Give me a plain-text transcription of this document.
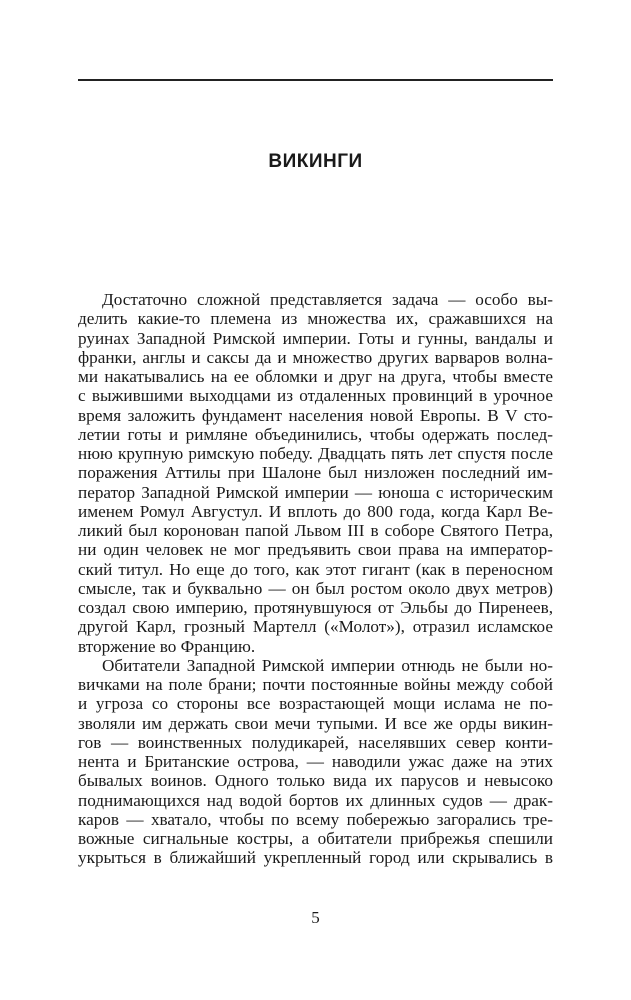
ВИКИНГИ
Достаточно сложной представляется задача — особо вы-
делить какие-то племена из множества их, сражавшихся на
руинах Западной Римской империи. Готы и гунны, вандалы и
франки, англы и саксы да и множество других варваров волна-
ми накатывались на ее обломки и друг на друга, чтобы вместе
с выжившими выходцами из отдаленных провинций в урочное
время заложить фундамент населения новой Европы. В V сто-
летии готы и римляне объединились, чтобы одержать послед-
нюю крупную римскую победу. Двадцать пять лет спустя после
поражения Аттилы при Шалоне был низложен последний им-
ператор Западной Римской империи — юноша с историческим
именем Ромул Августул. И вплоть до 800 года, когда Карл Ве-
ликий был коронован папой Львом III в соборе Святого Петра,
ни один человек не мог предъявить свои права на император-
ский титул. Но еще до того, как этот гигант (как в переносном
смысле, так и буквально — он был ростом около двух метров)
создал свою империю, протянувшуюся от Эльбы до Пиренеев,
другой Карл, грозный Мартелл («Молот»), отразил исламское
вторжение во Францию.
Обитатели Западной Римской империи отнюдь не были но-
вичками на поле брани; почти постоянные войны между собой
и угроза со стороны все возрастающей мощи ислама не по-
зволяли им держать свои мечи тупыми. И все же орды викин-
гов — воинственных полудикарей, населявших север конти-
нента и Британские острова, — наводили ужас даже на этих
бывалых воинов. Одного только вида их парусов и невысоко
поднимающихся над водой бортов их длинных судов — драк-
каров — хватало, чтобы по всему побережью загорались тре-
вожные сигнальные костры, а обитатели прибрежья спешили
укрыться в ближайший укрепленный город или скрывались в
5
